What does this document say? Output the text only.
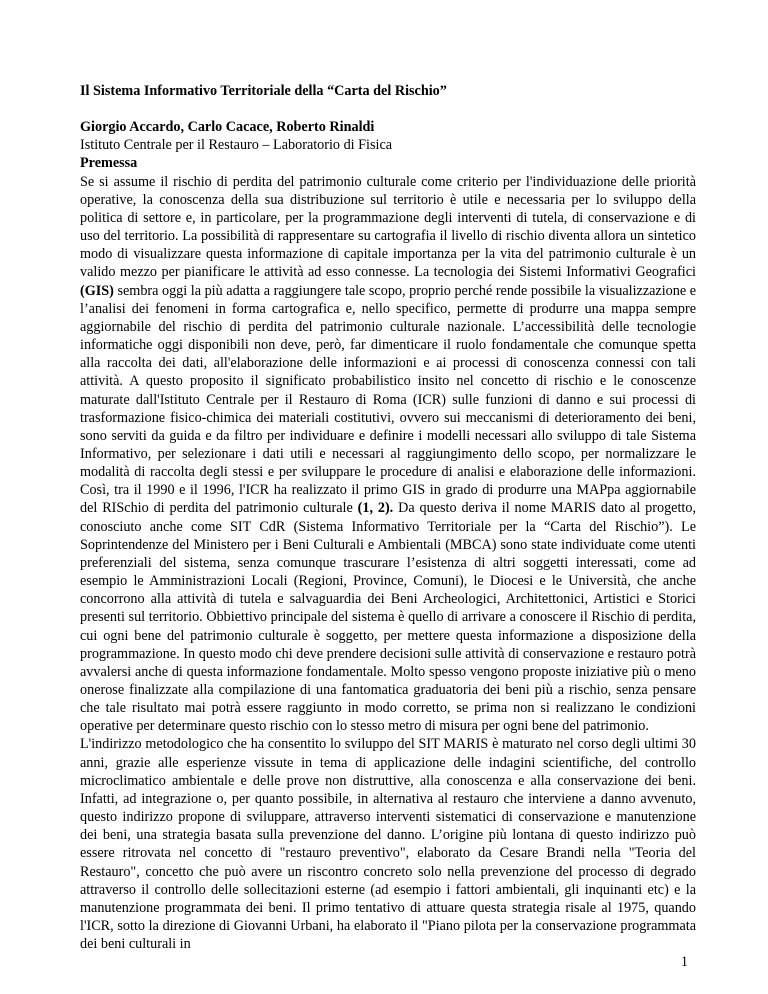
Il Sistema Informativo Territoriale della “Carta del Rischio”

Giorgio Accardo, Carlo Cacace, Roberto Rinaldi

Istituto Centrale per il Restauro – Laboratorio di Fisica

Premessa

Se si assume il rischio di perdita del patrimonio culturale come criterio per l'individuazione delle priorità operative, la conoscenza della sua distribuzione sul territorio è utile e necessaria per lo sviluppo della politica di settore e, in particolare, per la programmazione degli interventi di tutela, di conservazione e di uso del territorio. La possibilità di rappresentare su cartografia il livello di rischio diventa allora un sintetico modo di visualizzare questa informazione di capitale importanza per la vita del patrimonio culturale è un valido mezzo per pianificare le attività ad esso connesse. La tecnologia dei Sistemi Informativi Geografici (GIS) sembra oggi la più adatta a raggiungere tale scopo, proprio perché rende possibile la visualizzazione e l’analisi dei fenomeni in forma cartografica e, nello specifico, permette di produrre una mappa sempre aggiornabile del rischio di perdita del patrimonio culturale nazionale. L’accessibilità delle tecnologie informatiche oggi disponibili non deve, però, far dimenticare il ruolo fondamentale che comunque spetta alla raccolta dei dati, all'elaborazione delle informazioni e ai processi di conoscenza connessi con tali attività. A questo proposito il significato probabilistico insito nel concetto di rischio e le conoscenze maturate dall'Istituto Centrale per il Restauro di Roma (ICR) sulle funzioni di danno e sui processi di trasformazione fisico-chimica dei materiali costitutivi, ovvero sui meccanismi di deterioramento dei beni, sono serviti da guida e da filtro per individuare e definire i modelli necessari allo sviluppo di tale Sistema Informativo, per selezionare i dati utili e necessari al raggiungimento dello scopo, per normalizzare le modalità di raccolta degli stessi e per sviluppare le procedure di analisi e elaborazione delle informazioni. Così, tra il 1990 e il 1996, l'ICR ha realizzato il primo GIS in grado di produrre una MAPpa aggiornabile del RISchio di perdita del patrimonio culturale (1, 2). Da questo deriva il nome MARIS dato al progetto, conosciuto anche come SIT CdR (Sistema Informativo Territoriale per la “Carta del Rischio”). Le Soprintendenze del Ministero per i Beni Culturali e Ambientali (MBCA) sono state individuate come utenti preferenziali del sistema, senza comunque trascurare l’esistenza di altri soggetti interessati, come ad esempio le Amministrazioni Locali (Regioni, Province, Comuni), le Diocesi e le Università, che anche concorrono alla attività di tutela e salvaguardia dei Beni Archeologici, Architettonici, Artistici e Storici presenti sul territorio. Obbiettivo principale del sistema è quello di arrivare a conoscere il Rischio di perdita, cui ogni bene del patrimonio culturale è soggetto, per mettere questa informazione a disposizione della programmazione. In questo modo chi deve prendere decisioni sulle attività di conservazione e restauro potrà avvalersi anche di questa informazione fondamentale. Molto spesso vengono proposte iniziative più o meno onerose finalizzate alla compilazione di una fantomatica graduatoria dei beni più a rischio, senza pensare che tale risultato mai potrà essere raggiunto in modo corretto, se prima non si realizzano le condizioni operative per determinare questo rischio con lo stesso metro di misura per ogni bene del patrimonio.

L'indirizzo metodologico che ha consentito lo sviluppo del SIT MARIS è maturato nel corso degli ultimi 30 anni, grazie alle esperienze vissute in tema di applicazione delle indagini scientifiche, del controllo microclimatico ambientale e delle prove non distruttive, alla conoscenza e alla conservazione dei beni. Infatti, ad integrazione o, per quanto possibile, in alternativa al restauro che interviene a danno avvenuto, questo indirizzo propone di sviluppare, attraverso interventi sistematici di conservazione e manutenzione dei beni, una strategia basata sulla prevenzione del danno. L’origine più lontana di questo indirizzo può essere ritrovata nel concetto di "restauro preventivo", elaborato da Cesare Brandi nella "Teoria del Restauro", concetto che può avere un riscontro concreto solo nella prevenzione del processo di degrado attraverso il controllo delle sollecitazioni esterne (ad esempio i fattori ambientali, gli inquinanti etc) e la manutenzione programmata dei beni. Il primo tentativo di attuare questa strategia risale al 1975, quando l'ICR, sotto la direzione di Giovanni Urbani, ha elaborato il "Piano pilota per la conservazione programmata dei beni culturali in

1
